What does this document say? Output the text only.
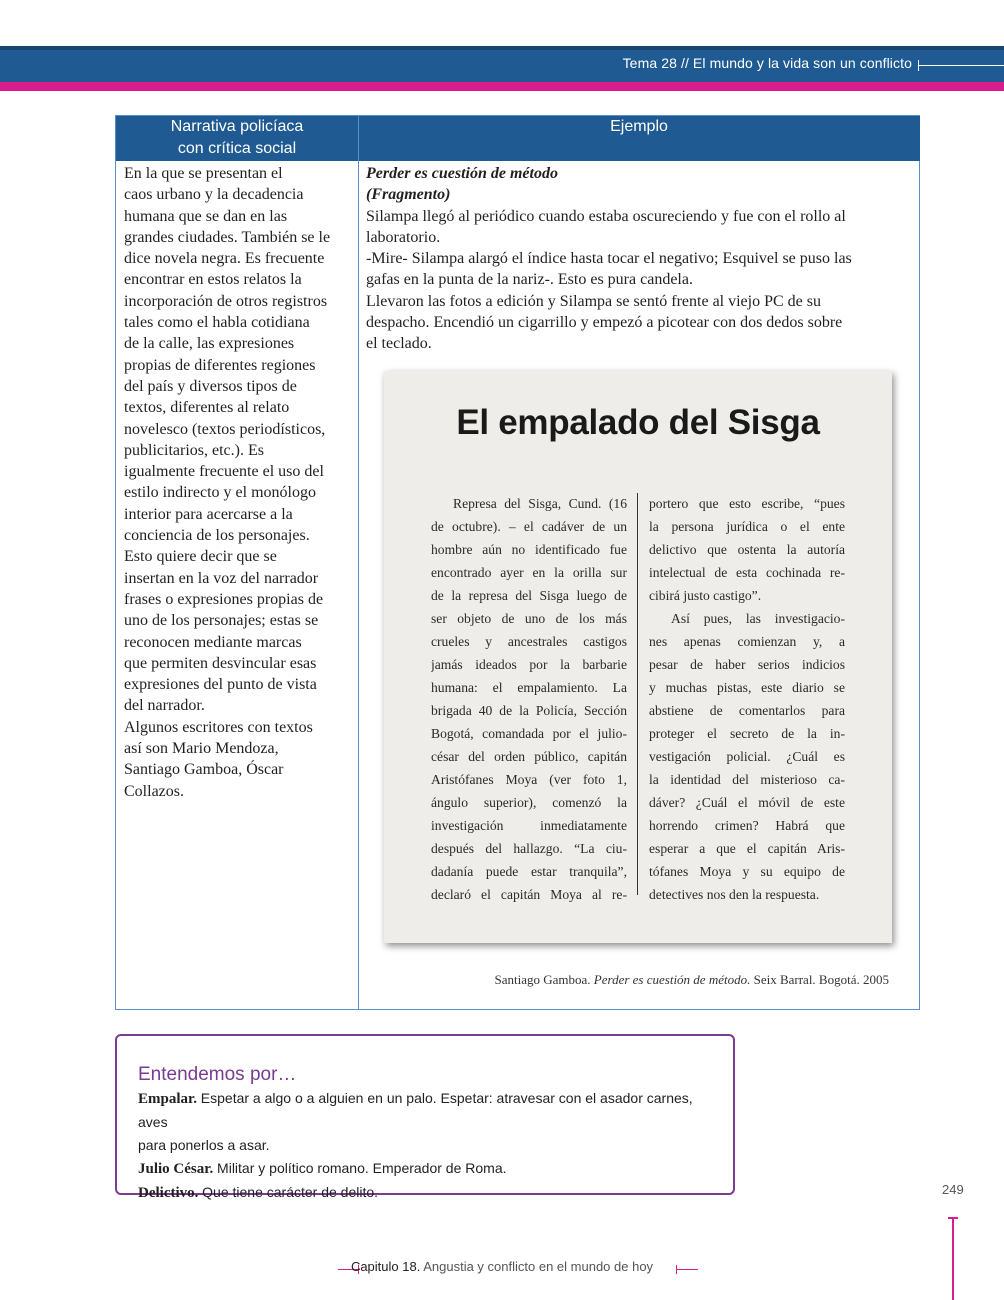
Tema 28 // El mundo y la vida son un conflicto
Narrativa policíaca
con crítica social
Ejemplo
En la que se presentan el
caos urbano y la decadencia
humana que se dan en las
grandes ciudades. También se le
dice novela negra. Es frecuente
encontrar en estos relatos la
incorporación de otros registros
tales como el habla cotidiana
de la calle, las expresiones
propias de diferentes regiones
del país y diversos tipos de
textos, diferentes al relato
novelesco (textos periodísticos,
publicitarios, etc.). Es
igualmente frecuente el uso del
estilo indirecto y el monólogo
interior para acercarse a la
conciencia de los personajes.
Esto quiere decir que se
insertan en la voz del narrador
frases o expresiones propias de
uno de los personajes; estas se
reconocen mediante marcas
que permiten desvincular esas
expresiones del punto de vista
del narrador.
Algunos escritores con textos
así son Mario Mendoza,
Santiago Gamboa, Óscar
Collazos.
Perder es cuestión de método
(Fragmento)
Silampa llegó al periódico cuando estaba oscureciendo y fue con el rollo al
laboratorio.
-Mire- Silampa alargó el índice hasta tocar el negativo; Esquivel se puso las
gafas en la punta de la nariz-. Esto es pura candela.
Llevaron las fotos a edición y Silampa se sentó frente al viejo PC de su
despacho. Encendió un cigarrillo y empezó a picotear con dos dedos sobre
el teclado.
El empalado del Sisga
Represa del Sisga, Cund. (16
de octubre). – el cadáver de un
hombre aún no identificado fue
encontrado ayer en la orilla sur
de la represa del Sisga luego de
ser objeto de uno de los más
crueles y ancestrales castigos
jamás ideados por la barbarie
humana: el empalamiento. La
brigada 40 de la Policía, Sección
Bogotá, comandada por el julio-
césar del orden público, capitán
Aristófanes Moya (ver foto 1,
ángulo superior), comenzó la
investigación inmediatamente
después del hallazgo. “La ciu-
dadanía puede estar tranquila”,
declaró el capitán Moya al re-
portero que esto escribe, “pues
la persona jurídica o el ente
delictivo que ostenta la autoría
intelectual de esta cochinada re-
cibirá justo castigo”.
Así pues, las investigacio-
nes apenas comienzan y, a
pesar de haber serios indicios
y muchas pistas, este diario se
abstiene de comentarlos para
proteger el secreto de la in-
vestigación policial. ¿Cuál es
la identidad del misterioso ca-
dáver? ¿Cuál el móvil de este
horrendo crimen? Habrá que
esperar a que el capitán Aris-
tófanes Moya y su equipo de
detectives nos den la respuesta.
Santiago Gamboa. Perder es cuestión de método. Seix Barral. Bogotá. 2005
Entendemos por…
Empalar. Espetar a algo o a alguien en un palo. Espetar: atravesar con el asador carnes, aves
para ponerlos a asar.
Julio César. Militar y político romano. Emperador de Roma.
Delictivo. Que tiene carácter de delito.	249
Capitulo 18. Angustia y conflicto en el mundo de hoy
